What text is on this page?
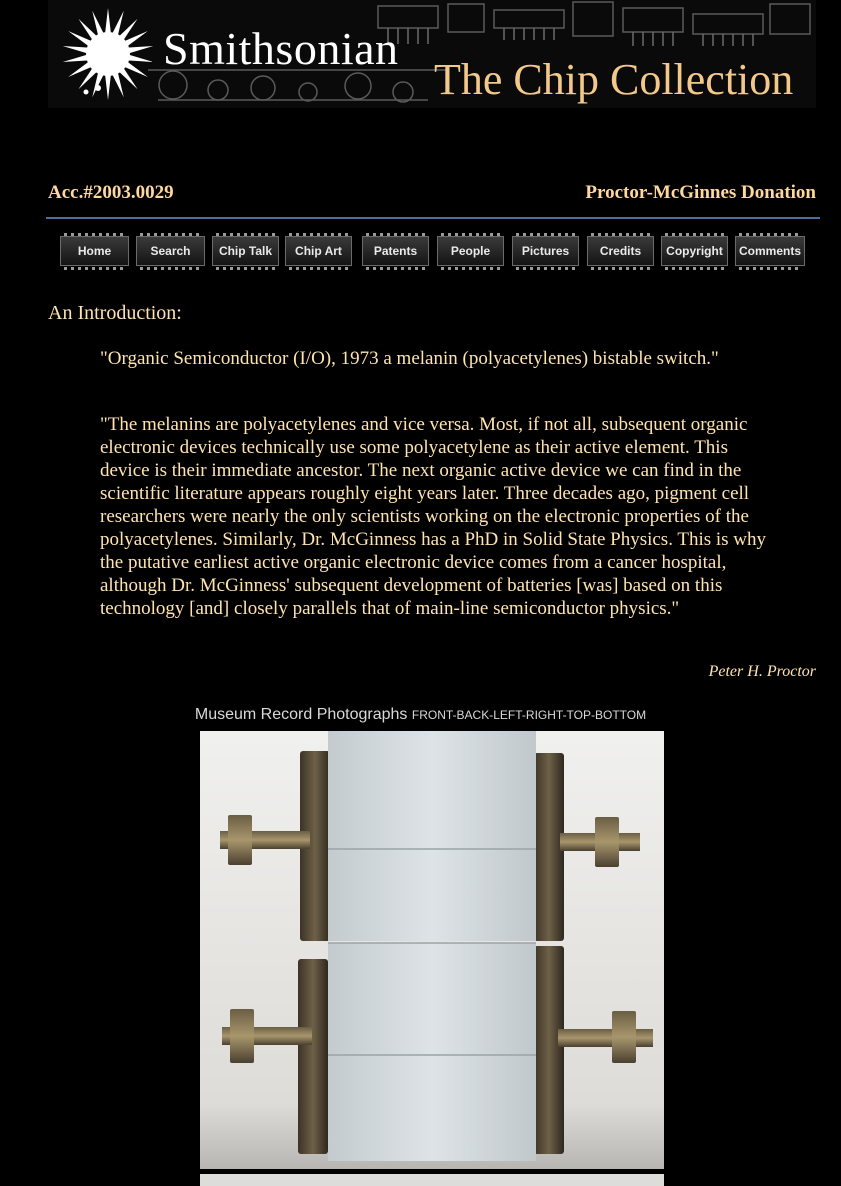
Smithsonian
The Chip Collection
Acc.#2003.0029	Proctor-McGinnes Donation
Home	Search	Chip Talk	Chip Art	Patents	People	Pictures	Credits	Copyright	Comments
An Introduction:

"Organic Semiconductor (I/O), 1973 a melanin (polyacetylenes) bistable switch."

"The melanins are polyacetylenes and vice versa. Most, if not all, subsequent organic electronic devices technically use some polyacetylene as their active element. This device is their immediate ancestor. The next organic active device we can find in the scientific literature appears roughly eight years later. Three decades ago, pigment cell researchers were nearly the only scientists working on the electronic properties of the polyacetylenes. Similarly, Dr. McGinness has a PhD in Solid State Physics. This is why the putative earliest active organic electronic device comes from a cancer hospital, although Dr. McGinness' subsequent development of batteries [was] based on this technology [and] closely parallels that of main-line semiconductor physics."

Peter H. Proctor
Museum Record Photographs FRONT-BACK-LEFT-RIGHT-TOP-BOTTOM
